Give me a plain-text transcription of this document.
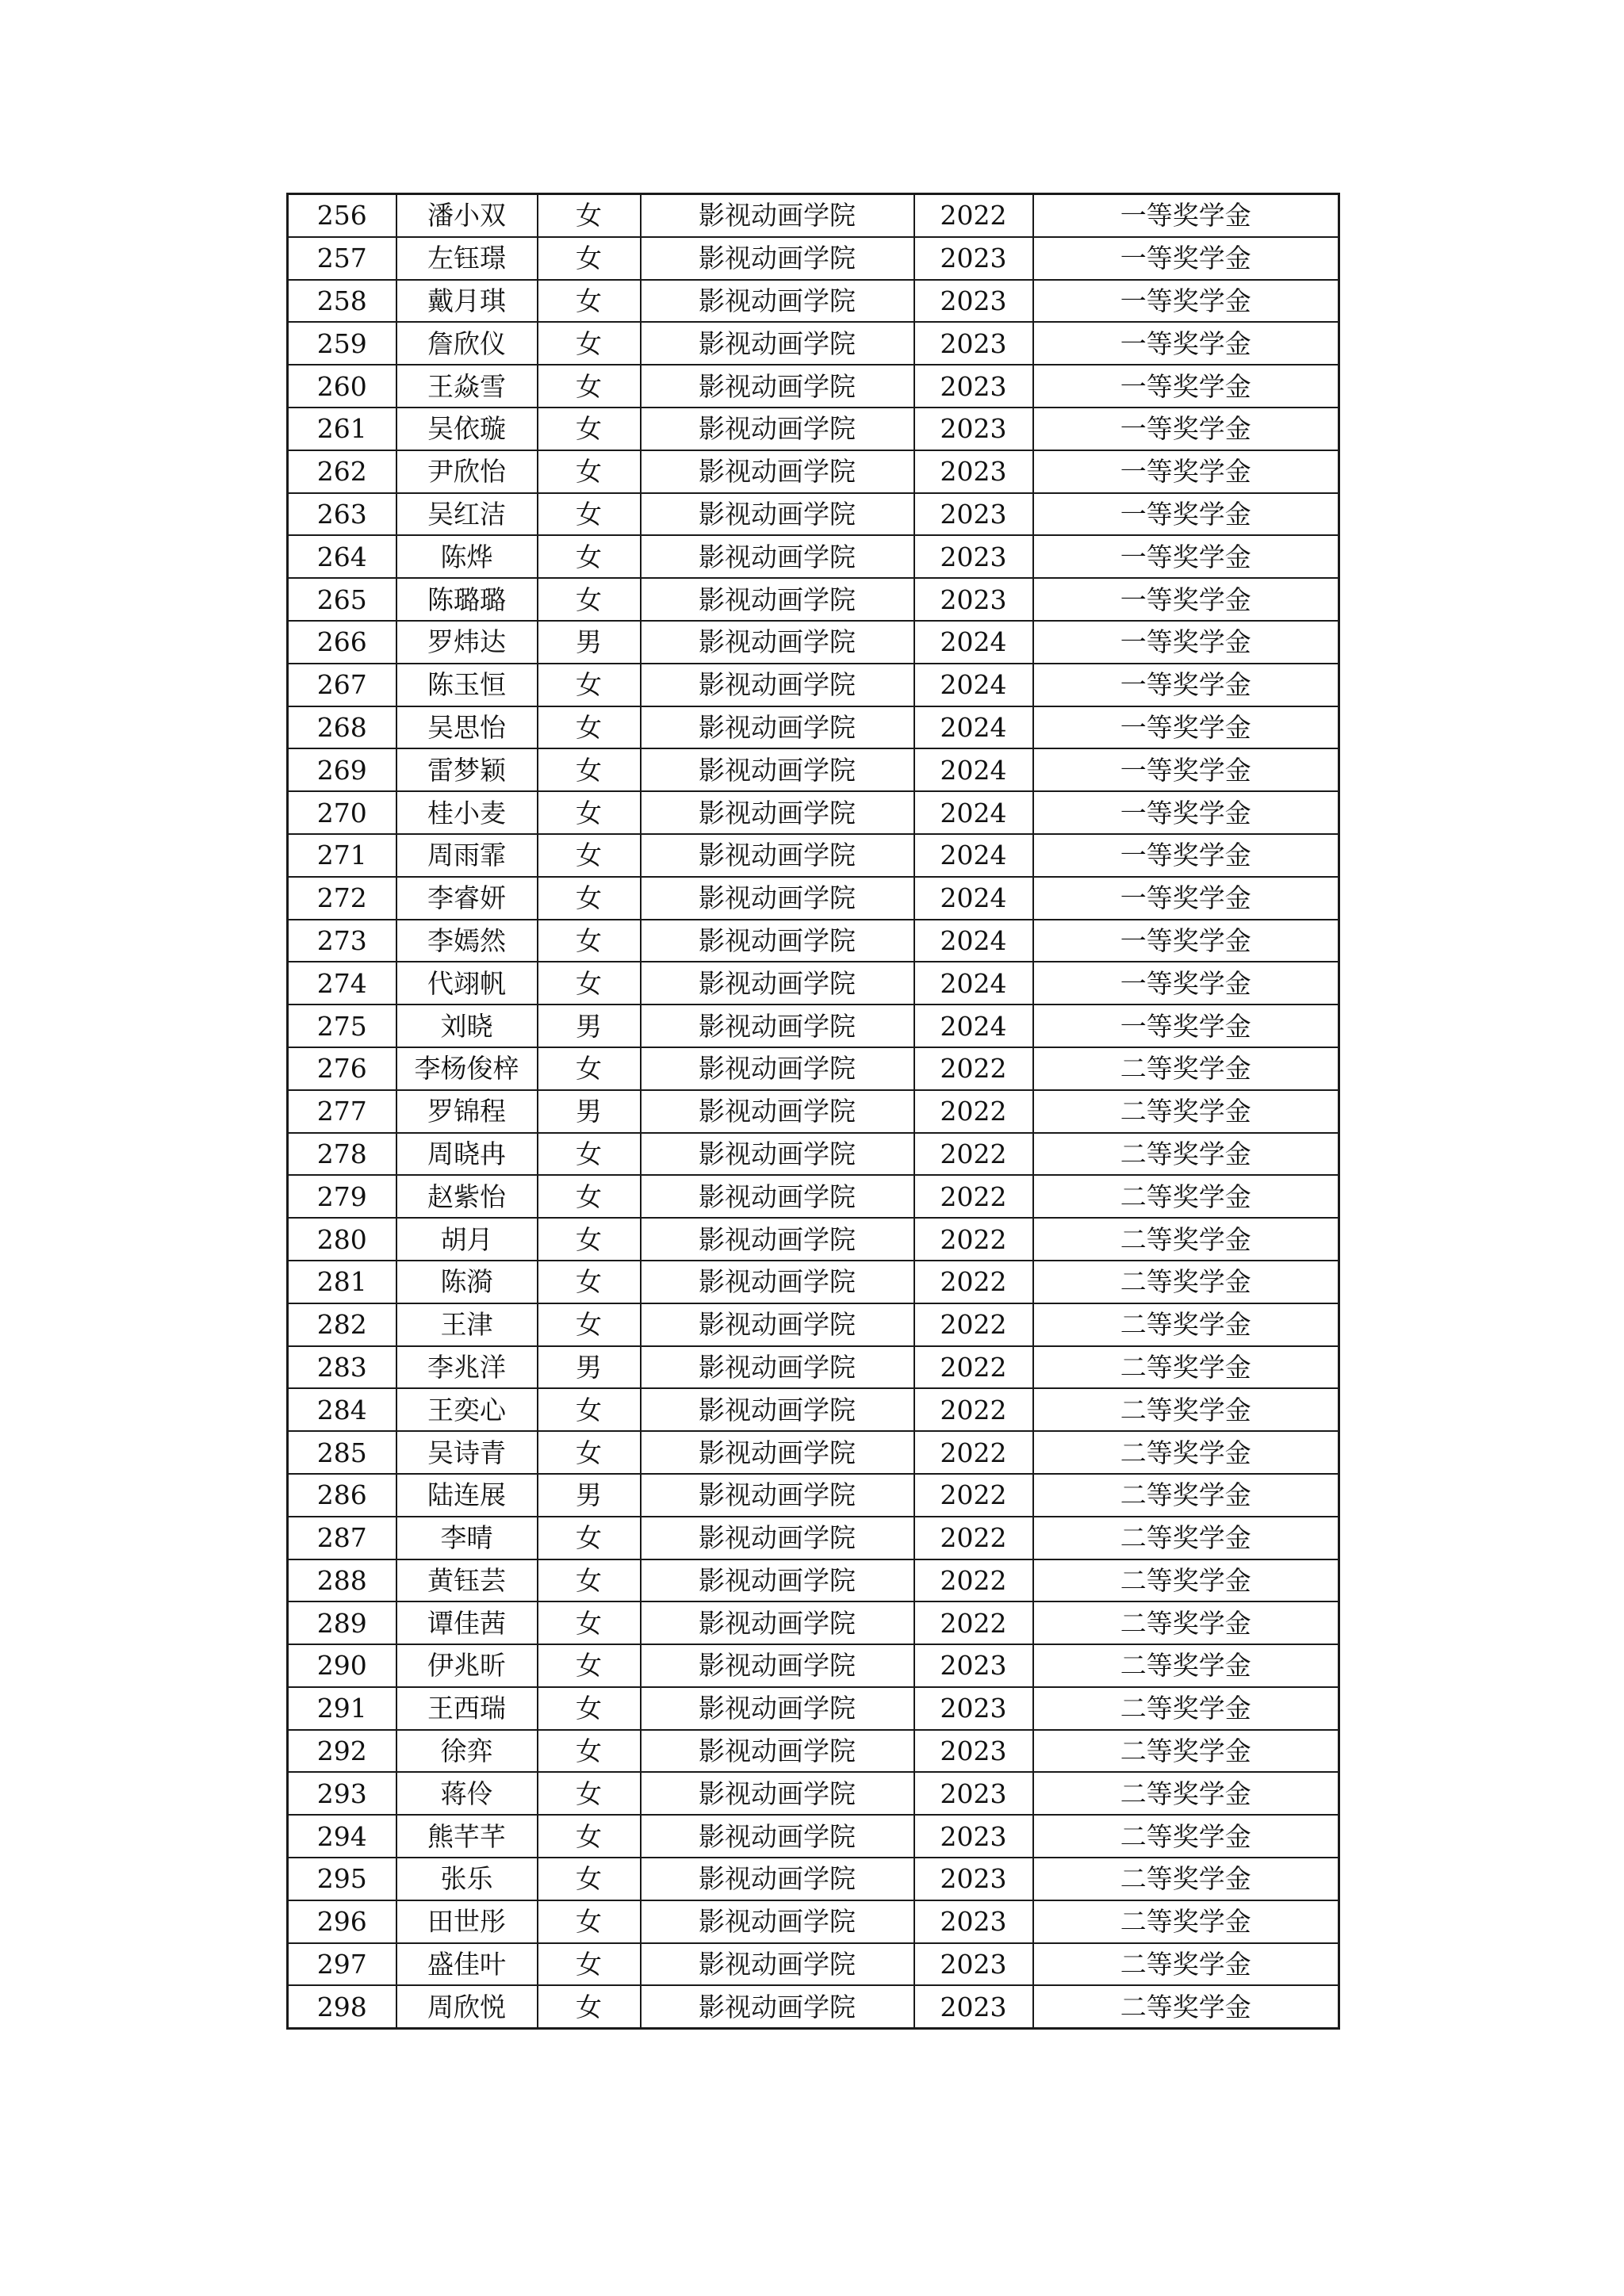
256	潘小双	女	影视动画学院	2022	一等奖学金
257	左钰璟	女	影视动画学院	2023	一等奖学金
258	戴月琪	女	影视动画学院	2023	一等奖学金
259	詹欣仪	女	影视动画学院	2023	一等奖学金
260	王焱雪	女	影视动画学院	2023	一等奖学金
261	吴依璇	女	影视动画学院	2023	一等奖学金
262	尹欣怡	女	影视动画学院	2023	一等奖学金
263	吴红洁	女	影视动画学院	2023	一等奖学金
264	陈烨	女	影视动画学院	2023	一等奖学金
265	陈璐璐	女	影视动画学院	2023	一等奖学金
266	罗炜达	男	影视动画学院	2024	一等奖学金
267	陈玉恒	女	影视动画学院	2024	一等奖学金
268	吴思怡	女	影视动画学院	2024	一等奖学金
269	雷梦颖	女	影视动画学院	2024	一等奖学金
270	桂小麦	女	影视动画学院	2024	一等奖学金
271	周雨霏	女	影视动画学院	2024	一等奖学金
272	李睿妍	女	影视动画学院	2024	一等奖学金
273	李嫣然	女	影视动画学院	2024	一等奖学金
274	代翊帆	女	影视动画学院	2024	一等奖学金
275	刘晓	男	影视动画学院	2024	一等奖学金
276	李杨俊梓	女	影视动画学院	2022	二等奖学金
277	罗锦程	男	影视动画学院	2022	二等奖学金
278	周晓冉	女	影视动画学院	2022	二等奖学金
279	赵紫怡	女	影视动画学院	2022	二等奖学金
280	胡月	女	影视动画学院	2022	二等奖学金
281	陈漪	女	影视动画学院	2022	二等奖学金
282	王津	女	影视动画学院	2022	二等奖学金
283	李兆洋	男	影视动画学院	2022	二等奖学金
284	王奕心	女	影视动画学院	2022	二等奖学金
285	吴诗青	女	影视动画学院	2022	二等奖学金
286	陆连展	男	影视动画学院	2022	二等奖学金
287	李晴	女	影视动画学院	2022	二等奖学金
288	黄钰芸	女	影视动画学院	2022	二等奖学金
289	谭佳茜	女	影视动画学院	2022	二等奖学金
290	伊兆昕	女	影视动画学院	2023	二等奖学金
291	王西瑞	女	影视动画学院	2023	二等奖学金
292	徐弈	女	影视动画学院	2023	二等奖学金
293	蒋伶	女	影视动画学院	2023	二等奖学金
294	熊芊芊	女	影视动画学院	2023	二等奖学金
295	张乐	女	影视动画学院	2023	二等奖学金
296	田世彤	女	影视动画学院	2023	二等奖学金
297	盛佳叶	女	影视动画学院	2023	二等奖学金
298	周欣悦	女	影视动画学院	2023	二等奖学金
